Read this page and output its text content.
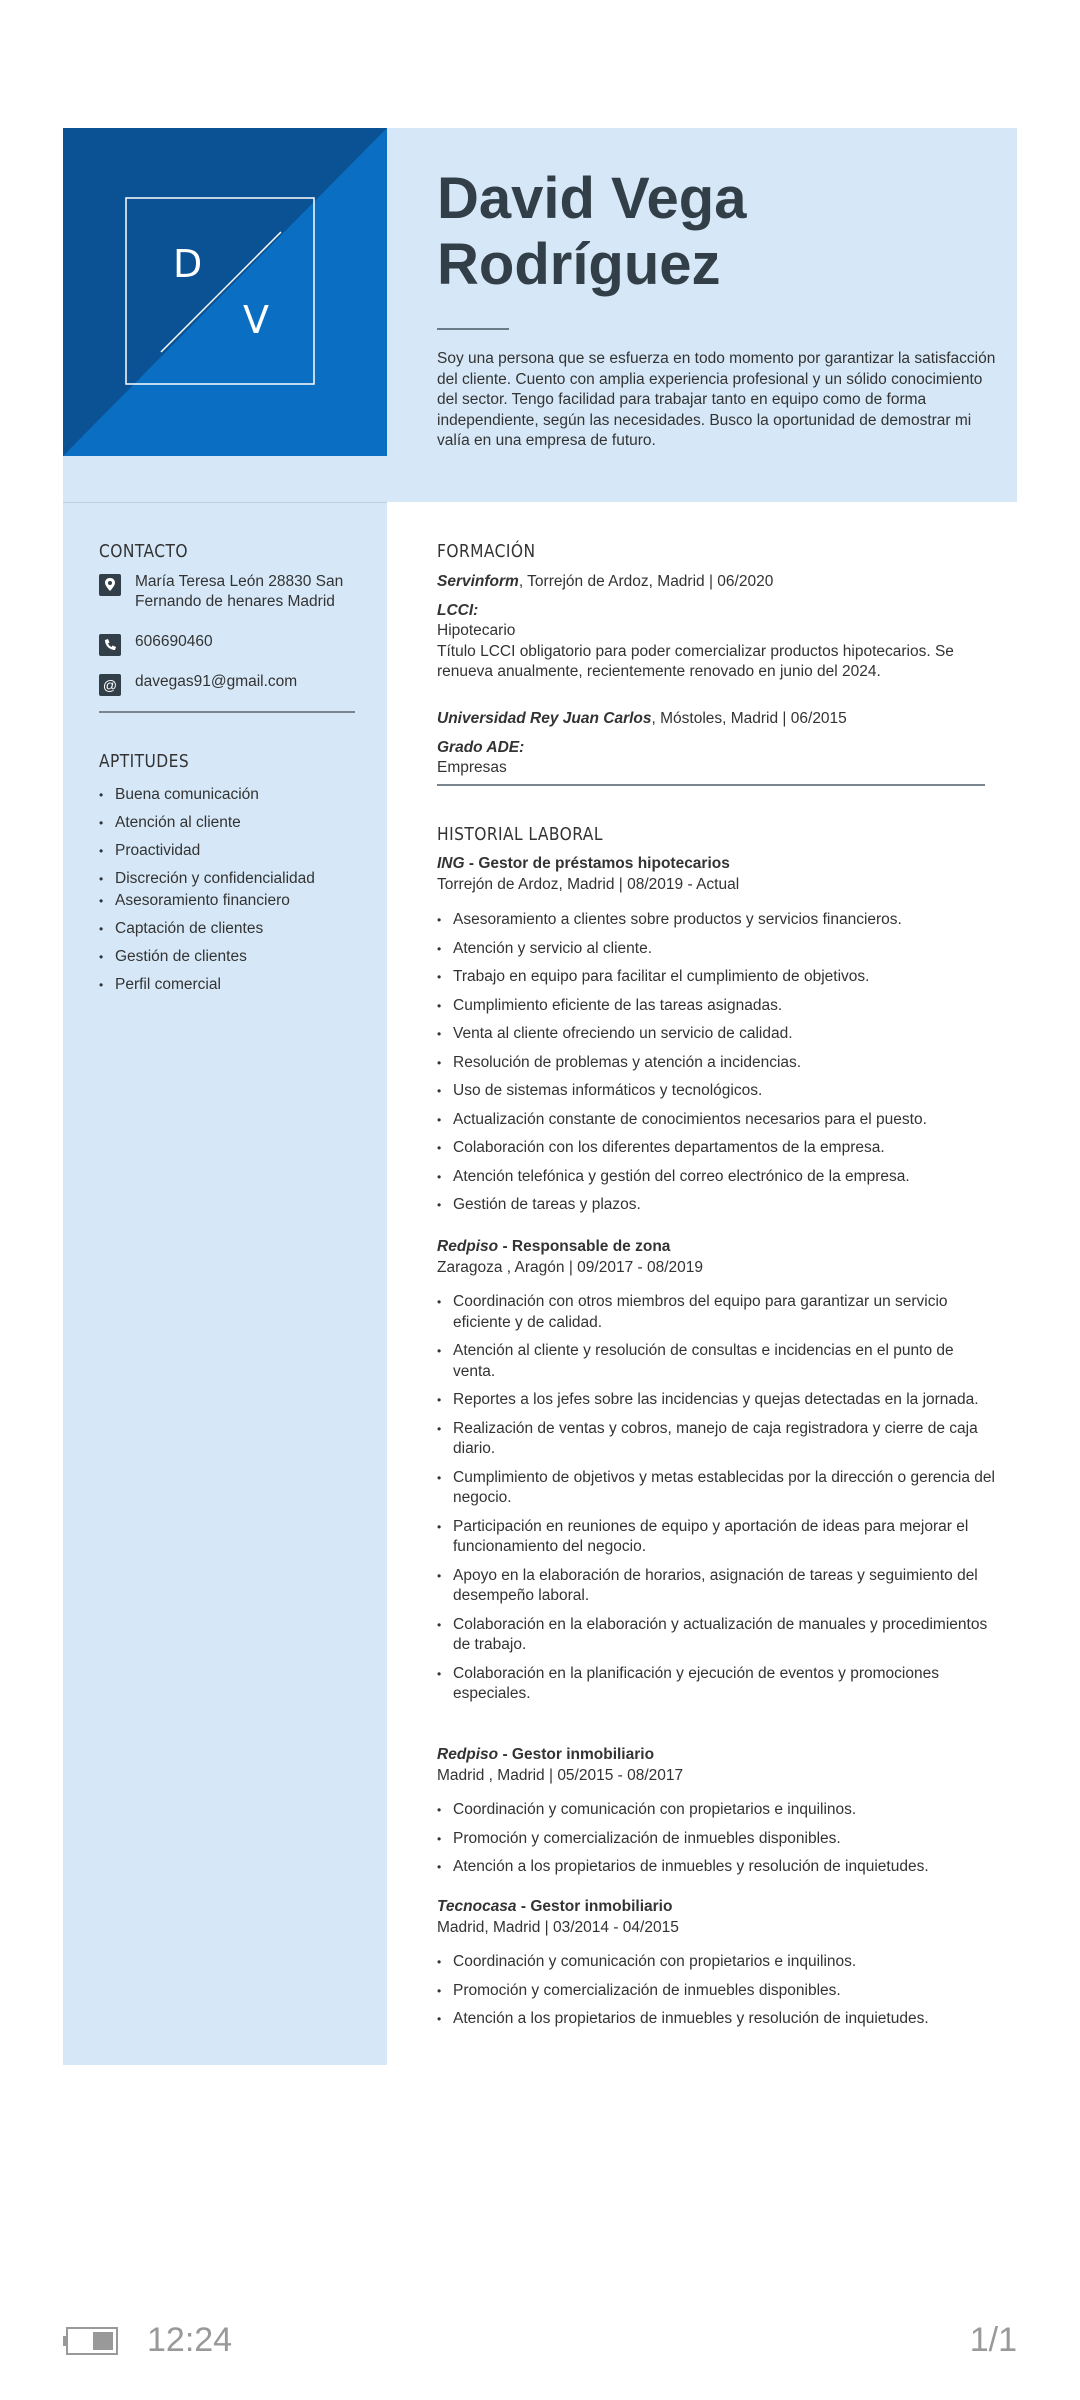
D
V
David Vega
Rodríguez
Soy una persona que se esfuerza en todo momento por garantizar la satisfacción del cliente. Cuento con amplia experiencia profesional y un sólido conocimiento del sector. Tengo facilidad para trabajar tanto en equipo como de forma independiente, según las necesidades. Busco la oportunidad de demostrar mi valía en una empresa de futuro.
CONTACTO
María Teresa León 28830 San Fernando de henares Madrid
606690460
@ davegas91@gmail.com
APTITUDES
• Buena comunicación
• Atención al cliente
• Proactividad
• Discreción y confidencialidad
• Asesoramiento financiero
• Captación de clientes
• Gestión de clientes
• Perfil comercial
FORMACIÓN
Servinform, Torrejón de Ardoz, Madrid | 06/2020
LCCI:
Hipotecario
Título LCCI obligatorio para poder comercializar productos hipotecarios. Se renueva anualmente, recientemente renovado en junio del 2024.
Universidad Rey Juan Carlos, Móstoles, Madrid | 06/2015
Grado ADE:
Empresas
HISTORIAL LABORAL
ING - Gestor de préstamos hipotecarios
Torrejón de Ardoz, Madrid | 08/2019 - Actual
• Asesoramiento a clientes sobre productos y servicios financieros.
• Atención y servicio al cliente.
• Trabajo en equipo para facilitar el cumplimiento de objetivos.
• Cumplimiento eficiente de las tareas asignadas.
• Venta al cliente ofreciendo un servicio de calidad.
• Resolución de problemas y atención a incidencias.
• Uso de sistemas informáticos y tecnológicos.
• Actualización constante de conocimientos necesarios para el puesto.
• Colaboración con los diferentes departamentos de la empresa.
• Atención telefónica y gestión del correo electrónico de la empresa.
• Gestión de tareas y plazos.
Redpiso - Responsable de zona
Zaragoza , Aragón | 09/2017 - 08/2019
• Coordinación con otros miembros del equipo para garantizar un servicio eficiente y de calidad.
• Atención al cliente y resolución de consultas e incidencias en el punto de venta.
• Reportes a los jefes sobre las incidencias y quejas detectadas en la jornada.
• Realización de ventas y cobros, manejo de caja registradora y cierre de caja diario.
• Cumplimiento de objetivos y metas establecidas por la dirección o gerencia del negocio.
• Participación en reuniones de equipo y aportación de ideas para mejorar el funcionamiento del negocio.
• Apoyo en la elaboración de horarios, asignación de tareas y seguimiento del desempeño laboral.
• Colaboración en la elaboración y actualización de manuales y procedimientos de trabajo.
• Colaboración en la planificación y ejecución de eventos y promociones especiales.
Redpiso - Gestor inmobiliario
Madrid , Madrid | 05/2015 - 08/2017
• Coordinación y comunicación con propietarios e inquilinos.
• Promoción y comercialización de inmuebles disponibles.
• Atención a los propietarios de inmuebles y resolución de inquietudes.
Tecnocasa - Gestor inmobiliario
Madrid, Madrid | 03/2014 - 04/2015
• Coordinación y comunicación con propietarios e inquilinos.
• Promoción y comercialización de inmuebles disponibles.
• Atención a los propietarios de inmuebles y resolución de inquietudes.
12:24	1/1
